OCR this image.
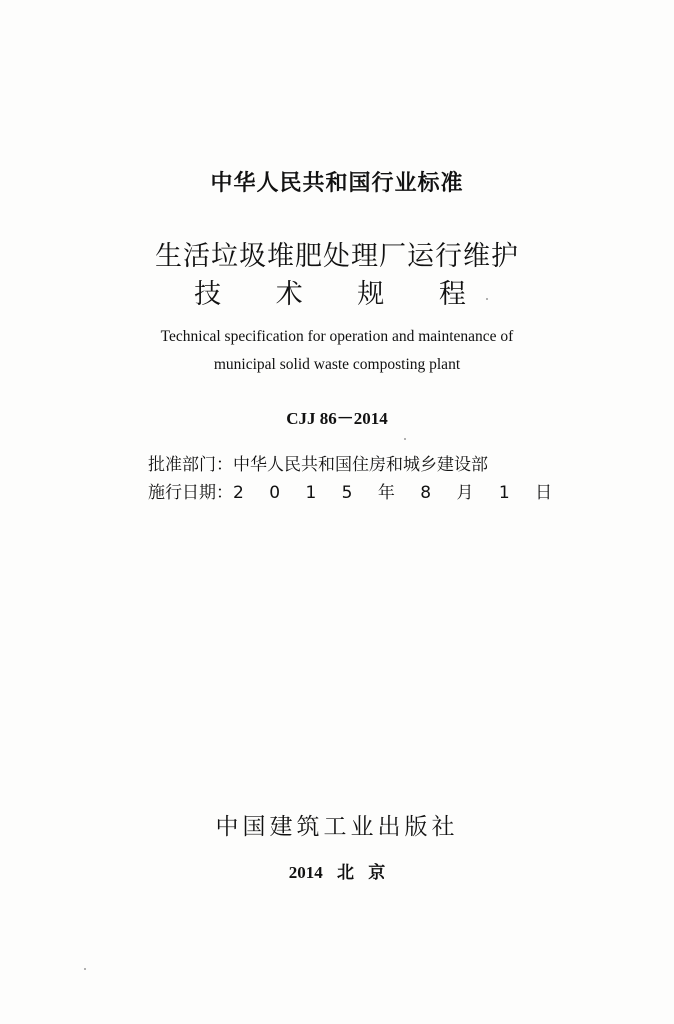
中华人民共和国行业标准
生活垃圾堆肥处理厂运行维护
技 术 规 程
Technical specification for operation and maintenance of
municipal solid waste composting plant
CJJ 86－2014
批准部门：中华人民共和国住房和城乡建设部
施行日期：2 0 1 5 年 8 月 1 日
中国建筑工业出版社
2014 北 京
